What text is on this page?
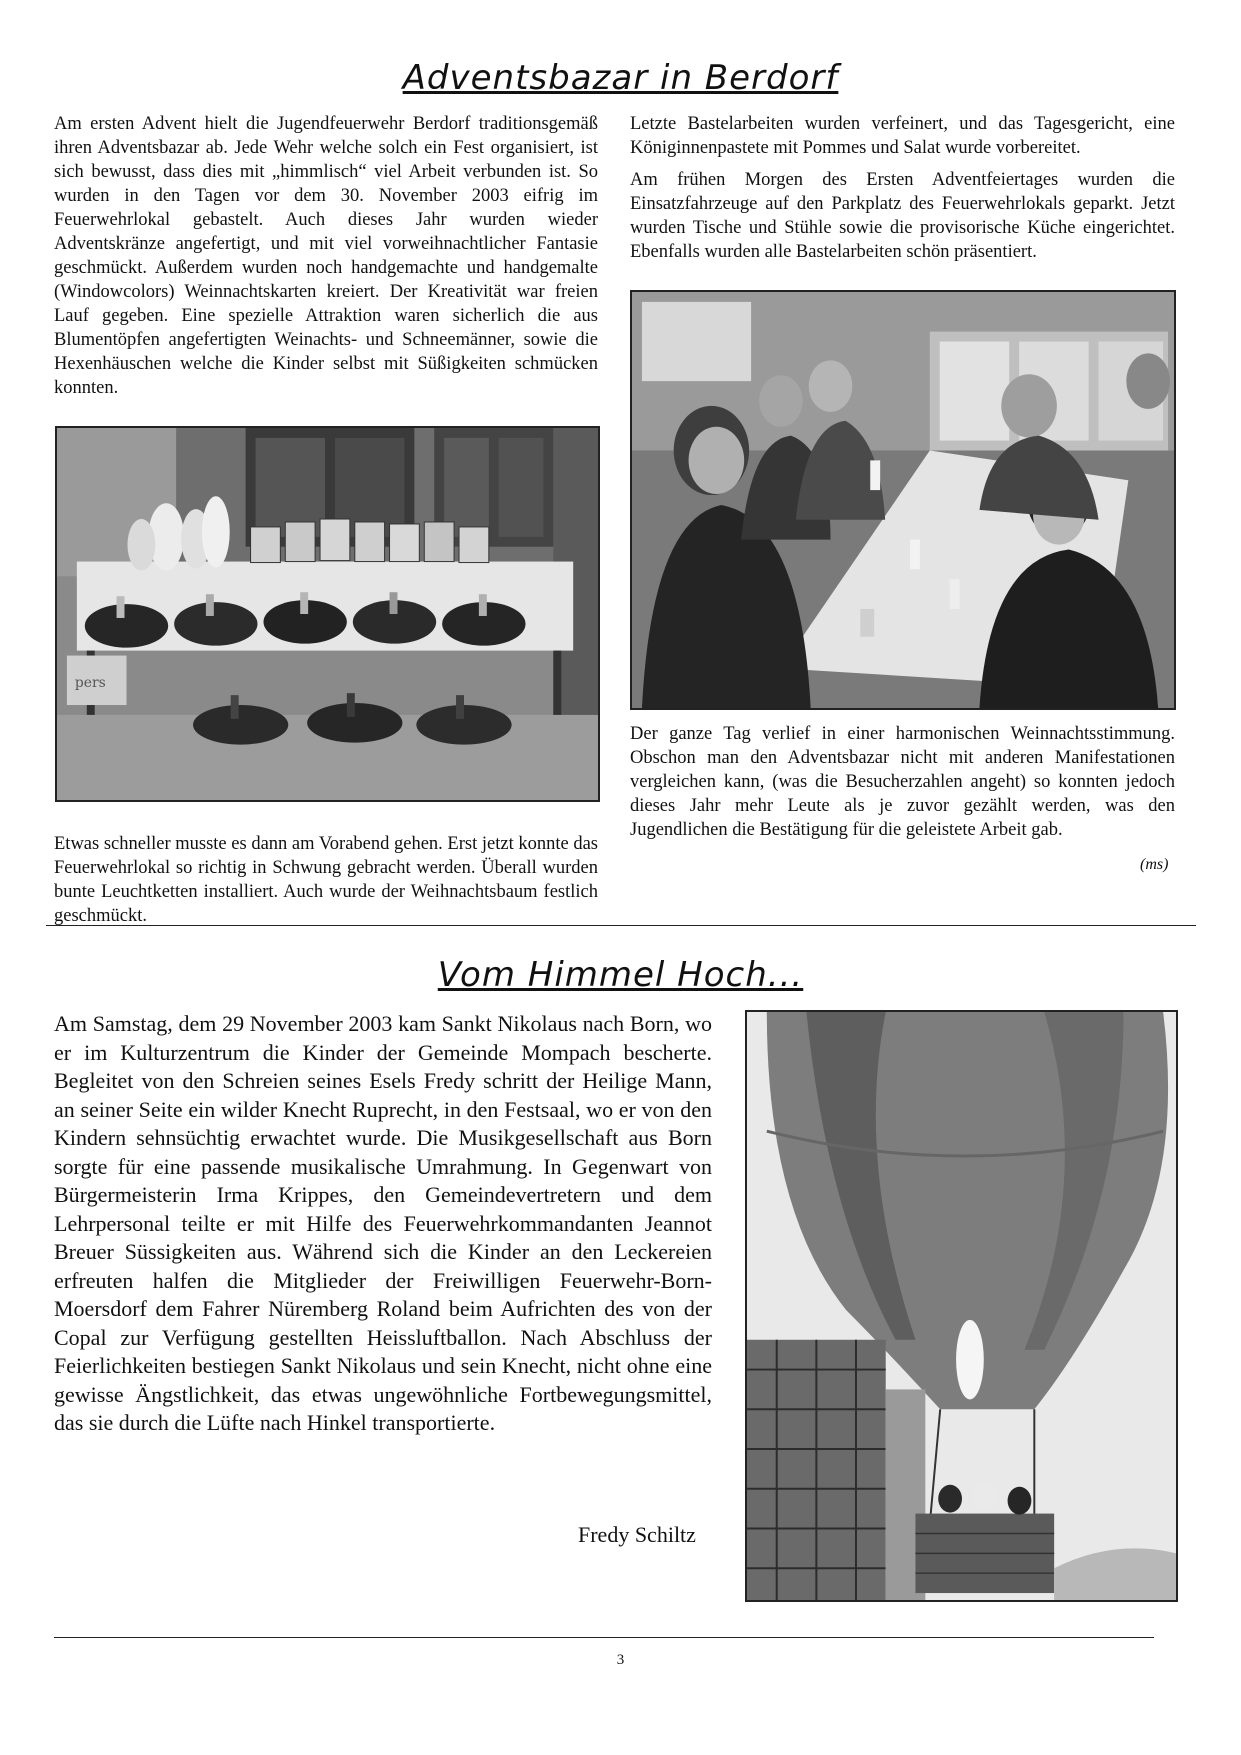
Adventsbazar in Berdorf

Am ersten Advent hielt die Jugendfeuerwehr Berdorf traditionsgemäß ihren Adventsbazar ab. Jede Wehr welche solch ein Fest organisiert, ist sich bewusst, dass dies mit „himmlisch“ viel Arbeit verbunden ist. So wurden in den Tagen vor dem 30. November 2003 eifrig im Feuerwehrlokal gebastelt. Auch dieses Jahr wurden wieder Adventskränze angefertigt, und mit viel vorweihnachtlicher Fantasie geschmückt. Außerdem wurden noch handgemachte und handgemalte (Windowcolors) Weinnachtskarten kreiert. Der Kreativität war freien Lauf gegeben. Eine spezielle Attraktion waren sicherlich die aus Blumentöpfen angefertigten Weinachts- und Schneemänner, sowie die Hexenhäuschen welche die Kinder selbst mit Süßigkeiten schmücken konnten.

pers

Etwas schneller musste es dann am Vorabend gehen. Erst jetzt konnte das Feuerwehrlokal so richtig in Schwung gebracht werden. Überall wurden bunte Leuchtketten installiert. Auch wurde der Weihnachtsbaum festlich geschmückt.

Letzte Bastelarbeiten wurden verfeinert, und das Tagesgericht, eine Königinnenpastete mit Pommes und Salat wurde vorbereitet.

Am frühen Morgen des Ersten Adventfeiertages wurden die Einsatzfahrzeuge auf den Parkplatz des Feuerwehrlokals geparkt. Jetzt wurden Tische und Stühle sowie die provisorische Küche eingerichtet. Ebenfalls wurden alle Bastelarbeiten schön präsentiert.

Der ganze Tag verlief in einer harmonischen Weinnachtsstimmung. Obschon man den Adventsbazar nicht mit anderen Manifestationen vergleichen kann, (was die Besucherzahlen angeht) so konnten jedoch dieses Jahr mehr Leute als je zuvor gezählt werden, was den Jugendlichen die Bestätigung für die geleistete Arbeit gab.

(ms)
Vom Himmel Hoch...

Am Samstag, dem 29 November 2003 kam Sankt Nikolaus nach Born, wo er im Kulturzentrum die Kinder der Gemeinde Mompach bescherte. Begleitet von den Schreien seines Esels Fredy schritt der Heilige Mann, an seiner Seite ein wilder Knecht Ruprecht, in den Festsaal, wo er von den Kindern sehnsüchtig erwachtet wurde. Die Musikgesellschaft aus Born sorgte für eine passende musikalische Umrahmung. In Gegenwart von Bürgermeisterin Irma Krippes, den Gemeindevertretern und dem Lehrpersonal teilte er mit Hilfe des Feuerwehrkommandanten Jeannot Breuer Süssigkeiten aus. Während sich die Kinder an den Leckereien erfreuten halfen die Mitglieder der Freiwilligen Feuerwehr-Born-Moersdorf dem Fahrer Nüremberg Roland beim Aufrichten des von der Copal zur Verfügung gestellten Heissluftballon. Nach Abschluss der Feierlichkeiten bestiegen Sankt Nikolaus und sein Knecht, nicht ohne eine gewisse Ängstlichkeit, das etwas ungewöhnliche Fortbewegungsmittel, das sie durch die Lüfte nach Hinkel transportierte.

Fredy Schiltz
3
